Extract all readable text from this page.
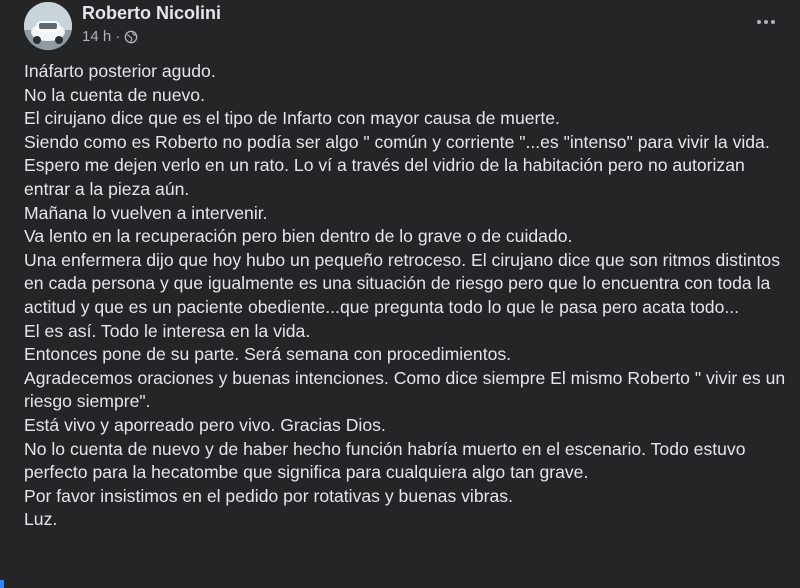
Roberto Nicolini
14 h ·

Ináfarto posterior agudo.

No la cuenta de nuevo.

El cirujano dice que es el tipo de Infarto con mayor causa de muerte.

Siendo como es Roberto no podía ser algo " común y corriente "...es "intenso" para vivir la vida.

Espero me dejen verlo en un rato. Lo ví a través del vidrio de la habitación pero no autorizan entrar a la pieza aún.

Mañana lo vuelven a intervenir.

Va lento en la recuperación pero bien dentro de lo grave o de cuidado.

Una enfermera dijo que hoy hubo un pequeño retroceso. El cirujano dice que son ritmos distintos en cada persona y que igualmente es una situación de riesgo pero que lo encuentra con toda la actitud y que es un paciente obediente...que pregunta todo lo que le pasa pero acata todo...

El es así. Todo le interesa en la vida.

Entonces pone de su parte. Será semana con procedimientos.

Agradecemos oraciones y buenas intenciones. Como dice siempre El mismo Roberto " vivir es un riesgo siempre".

Está vivo y aporreado pero vivo. Gracias Dios.

No lo cuenta de nuevo y de haber hecho función habría muerto en el escenario. Todo estuvo perfecto para la hecatombe que significa para cualquiera algo tan grave.

Por favor insistimos en el pedido por rotativas y buenas vibras.

Luz.
